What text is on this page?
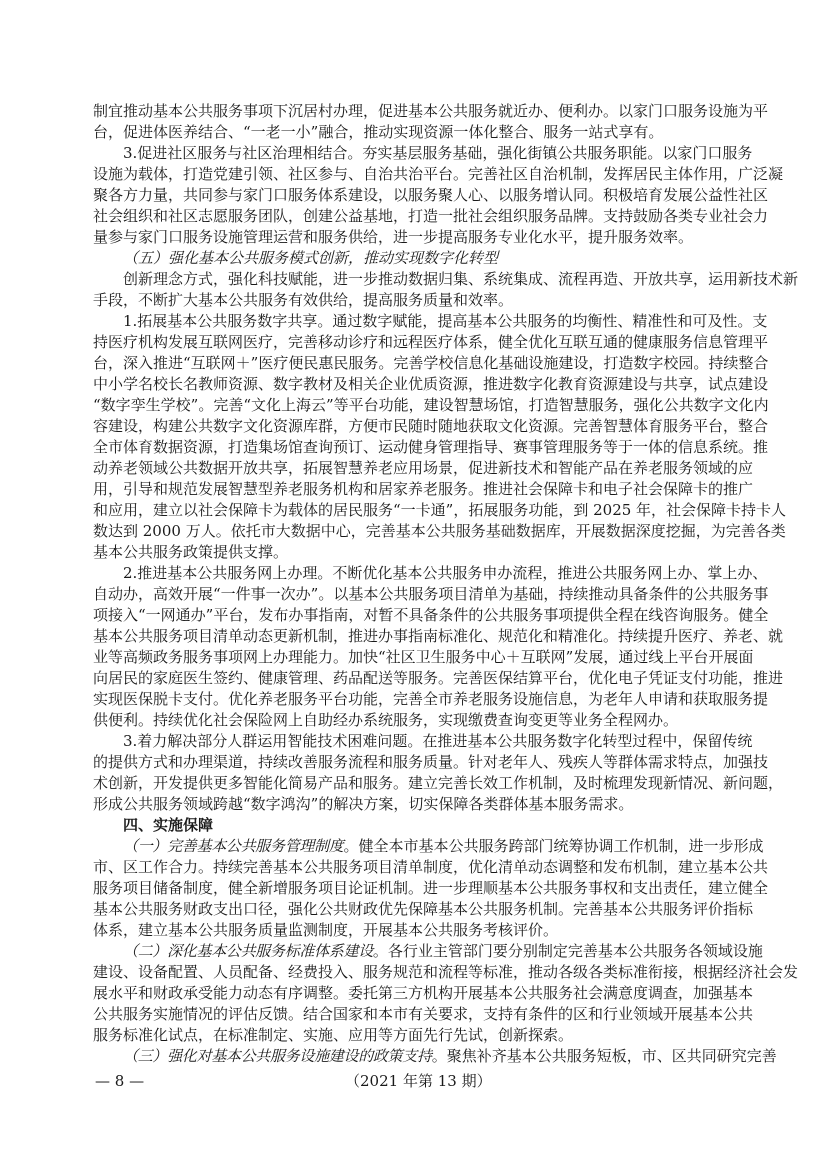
制宜推动基本公共服务事项下沉居村办理，促进基本公共服务就近办、便利办。以家门口服务设施为平
台，促进体医养结合、“一老一小”融合，推动实现资源一体化整合、服务一站式享有。
3.促进社区服务与社区治理相结合。夯实基层服务基础，强化街镇公共服务职能。以家门口服务
设施为载体，打造党建引领、社区参与、自治共治平台。完善社区自治机制，发挥居民主体作用，广泛凝
聚各方力量，共同参与家门口服务体系建设，以服务聚人心、以服务增认同。积极培育发展公益性社区
社会组织和社区志愿服务团队，创建公益基地，打造一批社会组织服务品牌。支持鼓励各类专业社会力
量参与家门口服务设施管理运营和服务供给，进一步提高服务专业化水平，提升服务效率。
（五）强化基本公共服务模式创新，推动实现数字化转型
创新理念方式，强化科技赋能，进一步推动数据归集、系统集成、流程再造、开放共享，运用新技术新
手段，不断扩大基本公共服务有效供给，提高服务质量和效率。
1.拓展基本公共服务数字共享。通过数字赋能，提高基本公共服务的均衡性、精准性和可及性。支
持医疗机构发展互联网医疗，完善移动诊疗和远程医疗体系，健全优化互联互通的健康服务信息管理平
台，深入推进“互联网＋”医疗便民惠民服务。完善学校信息化基础设施建设，打造数字校园。持续整合
中小学名校长名教师资源、数字教材及相关企业优质资源，推进数字化教育资源建设与共享，试点建设
“数字孪生学校”。完善“文化上海云”等平台功能，建设智慧场馆，打造智慧服务，强化公共数字文化内
容建设，构建公共数字文化资源库群，方便市民随时随地获取文化资源。完善智慧体育服务平台，整合
全市体育数据资源，打造集场馆查询预订、运动健身管理指导、赛事管理服务等于一体的信息系统。推
动养老领域公共数据开放共享，拓展智慧养老应用场景，促进新技术和智能产品在养老服务领域的应
用，引导和规范发展智慧型养老服务机构和居家养老服务。推进社会保障卡和电子社会保障卡的推广
和应用，建立以社会保障卡为载体的居民服务“一卡通”，拓展服务功能，到 2025 年，社会保障卡持卡人
数达到 2000 万人。依托市大数据中心，完善基本公共服务基础数据库，开展数据深度挖掘，为完善各类
基本公共服务政策提供支撑。
2.推进基本公共服务网上办理。不断优化基本公共服务申办流程，推进公共服务网上办、掌上办、
自动办，高效开展“一件事一次办”。以基本公共服务项目清单为基础，持续推动具备条件的公共服务事
项接入“一网通办”平台，发布办事指南，对暂不具备条件的公共服务事项提供全程在线咨询服务。健全
基本公共服务项目清单动态更新机制，推进办事指南标准化、规范化和精准化。持续提升医疗、养老、就
业等高频政务服务事项网上办理能力。加快“社区卫生服务中心＋互联网”发展，通过线上平台开展面
向居民的家庭医生签约、健康管理、药品配送等服务。完善医保结算平台，优化电子凭证支付功能，推进
实现医保脱卡支付。优化养老服务平台功能，完善全市养老服务设施信息，为老年人申请和获取服务提
供便利。持续优化社会保险网上自助经办系统服务，实现缴费查询变更等业务全程网办。
3.着力解决部分人群运用智能技术困难问题。在推进基本公共服务数字化转型过程中，保留传统
的提供方式和办理渠道，持续改善服务流程和服务质量。针对老年人、残疾人等群体需求特点，加强技
术创新，开发提供更多智能化简易产品和服务。建立完善长效工作机制，及时梳理发现新情况、新问题，
形成公共服务领域跨越“数字鸿沟”的解决方案，切实保障各类群体基本服务需求。
四、实施保障
（一）完善基本公共服务管理制度。健全本市基本公共服务跨部门统筹协调工作机制，进一步形成
市、区工作合力。持续完善基本公共服务项目清单制度，优化清单动态调整和发布机制，建立基本公共
服务项目储备制度，健全新增服务项目论证机制。进一步理顺基本公共服务事权和支出责任，建立健全
基本公共服务财政支出口径，强化公共财政优先保障基本公共服务机制。完善基本公共服务评价指标
体系，建立基本公共服务质量监测制度，开展基本公共服务考核评价。
（二）深化基本公共服务标准体系建设。各行业主管部门要分别制定完善基本公共服务各领域设施
建设、设备配置、人员配备、经费投入、服务规范和流程等标准，推动各级各类标准衔接，根据经济社会发
展水平和财政承受能力动态有序调整。委托第三方机构开展基本公共服务社会满意度调查，加强基本
公共服务实施情况的评估反馈。结合国家和本市有关要求，支持有条件的区和行业领域开展基本公共
服务标准化试点，在标准制定、实施、应用等方面先行先试，创新探索。
（三）强化对基本公共服务设施建设的政策支持。聚焦补齐基本公共服务短板，市、区共同研究完善
— 8 —	（2021 年第 13 期）
